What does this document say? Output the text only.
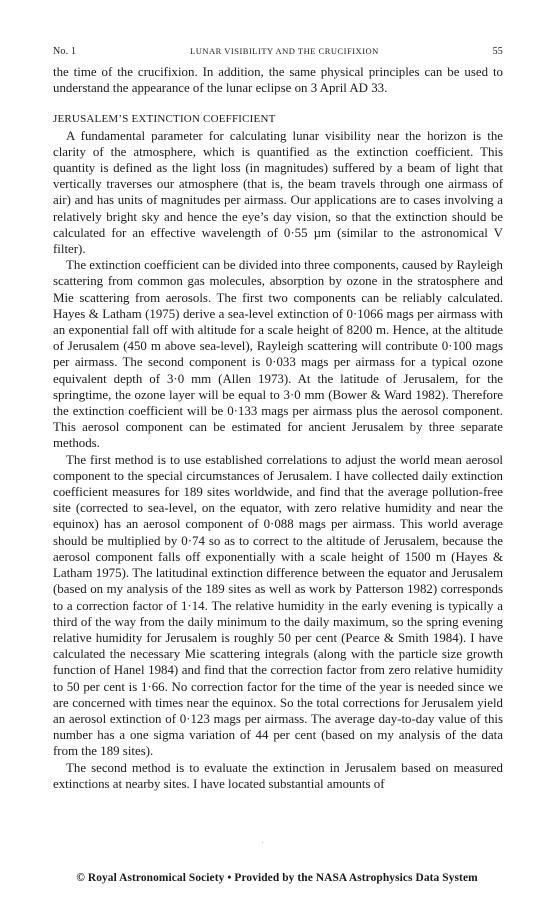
No. 1	LUNAR VISIBILITY AND THE CRUCIFIXION	55

the time of the crucifixion. In addition, the same physical principles can be used to understand the appearance of the lunar eclipse on 3 April AD 33.

JERUSALEM’S EXTINCTION COEFFICIENT

A fundamental parameter for calculating lunar visibility near the horizon is the clarity of the atmosphere, which is quantified as the extinction coefficient. This quantity is defined as the light loss (in magnitudes) suffered by a beam of light that vertically traverses our atmosphere (that is, the beam travels through one airmass of air) and has units of magnitudes per airmass. Our applications are to cases involving a relatively bright sky and hence the eye’s day vision, so that the extinction should be calculated for an effective wavelength of 0·55 µm (similar to the astronomical V filter).

The extinction coefficient can be divided into three components, caused by Rayleigh scattering from common gas molecules, absorption by ozone in the stratosphere and Mie scattering from aerosols. The first two components can be reliably calculated. Hayes & Latham (1975) derive a sea-level extinction of 0·1066 mags per airmass with an exponential fall off with altitude for a scale height of 8200 m. Hence, at the altitude of Jerusalem (450 m above sea-level), Rayleigh scattering will contribute 0·100 mags per airmass. The second component is 0·033 mags per airmass for a typical ozone equivalent depth of 3·0 mm (Allen 1973). At the latitude of Jerusalem, for the springtime, the ozone layer will be equal to 3·0 mm (Bower & Ward 1982). Therefore the extinction coefficient will be 0·133 mags per airmass plus the aerosol component. This aerosol component can be estimated for ancient Jerusalem by three separate methods.

The first method is to use established correlations to adjust the world mean aerosol component to the special circumstances of Jerusalem. I have collected daily extinction coefficient measures for 189 sites worldwide, and find that the average pollution-free site (corrected to sea-level, on the equator, with zero relative humidity and near the equinox) has an aerosol component of 0·088 mags per airmass. This world average should be multiplied by 0·74 so as to correct to the altitude of Jerusalem, because the aerosol component falls off exponentially with a scale height of 1500 m (Hayes & Latham 1975). The latitudinal extinction difference between the equator and Jerusalem (based on my analysis of the 189 sites as well as work by Patterson 1982) corresponds to a correction factor of 1·14. The relative humidity in the early evening is typically a third of the way from the daily minimum to the daily maximum, so the spring evening relative humidity for Jerusalem is roughly 50 per cent (Pearce & Smith 1984). I have calculated the necessary Mie scattering integrals (along with the particle size growth function of Hanel 1984) and find that the correction factor from zero relative humidity to 50 per cent is 1·66. No correction factor for the time of the year is needed since we are concerned with times near the equinox. So the total corrections for Jerusalem yield an aerosol extinction of 0·123 mags per airmass. The average day-to-day value of this number has a one sigma variation of 44 per cent (based on my analysis of the data from the 189 sites).

The second method is to evaluate the extinction in Jerusalem based on measured extinctions at nearby sites. I have located substantial amounts of

.
© Royal Astronomical Society • Provided by the NASA Astrophysics Data System
